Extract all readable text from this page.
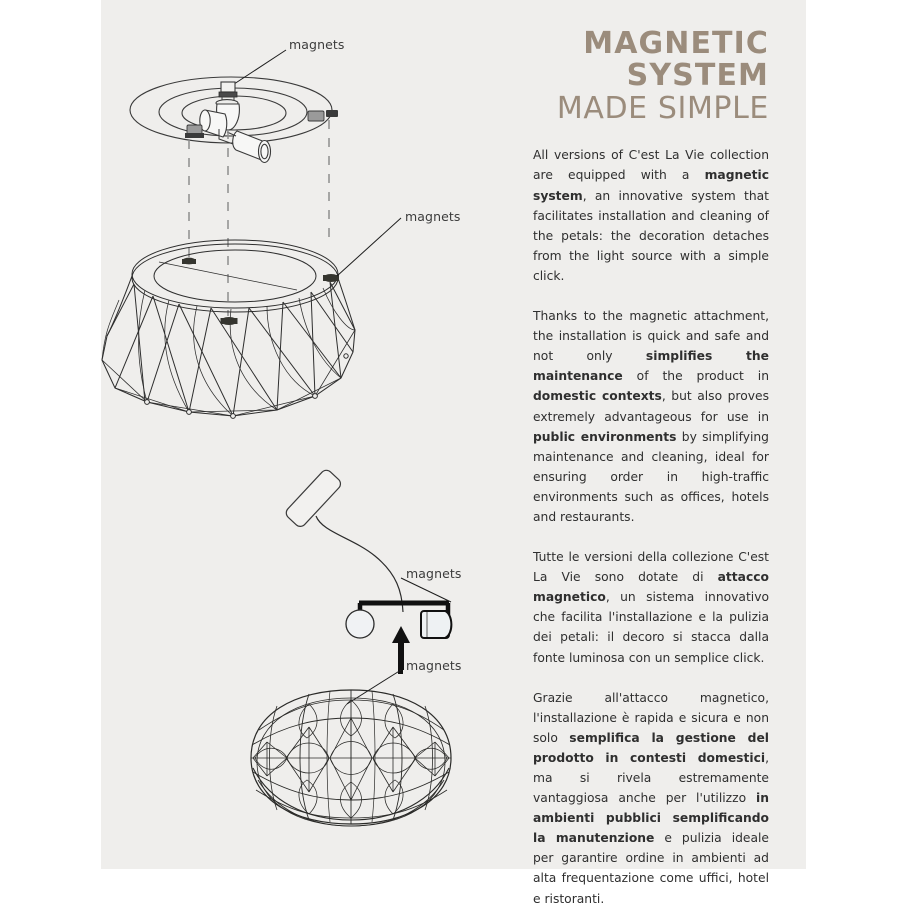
magnets
magnets
magnets
magnets
MAGNETIC
SYSTEM
MADE SIMPLE

All versions of C'est La Vie collection are equipped with a magnetic system, an innovative system that facilitates installation and cleaning of the petals: the decoration detaches from the light source with a simple click.

Thanks to the magnetic attachment, the installation is quick and safe and not only simplifies the maintenance of the product in domestic contexts, but also proves extremely advantageous for use in public environments by simplifying maintenance and cleaning, ideal for ensuring order in high-traffic environments such as offices, hotels and restaurants.

Tutte le versioni della collezione C'est La Vie sono dotate di attacco magnetico, un sistema innovativo che facilita l'installazione e la pulizia dei petali: il decoro si stacca dalla fonte luminosa con un semplice click.

Grazie all'attacco magnetico, l'installazione è rapida e sicura e non solo semplifica la gestione del prodotto in contesti domestici, ma si rivela estremamente vantaggiosa anche per l'utilizzo in ambienti pubblici semplificando la manutenzione e pulizia ideale per garantire ordine in ambienti ad alta frequentazione come uffici, hotel e ristoranti.
